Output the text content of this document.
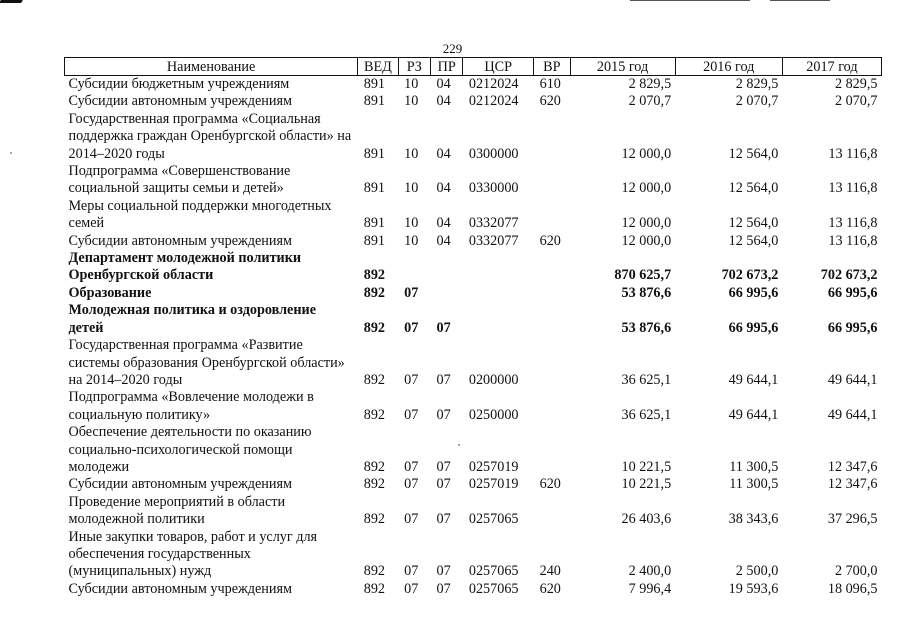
229
Наименование	ВЕД	РЗ	ПР	ЦСР	ВР	2015 год	2016 год	2017 год
Субсидии бюджетным учреждениям	891	10	04	0212024	610	2 829,5	2 829,5	2 829,5
Субсидии автономным учреждениям	891	10	04	0212024	620	2 070,7	2 070,7	2 070,7
Государственная программа «Социальная поддержка граждан Оренбургской области» на 2014–2020 годы	891	10	04	0300000		12 000,0	12 564,0	13 116,8
Подпрограмма «Совершенствование социальной защиты семьи и детей»	891	10	04	0330000		12 000,0	12 564,0	13 116,8
Меры социальной поддержки многодетных семей	891	10	04	0332077		12 000,0	12 564,0	13 116,8
Субсидии автономным учреждениям	891	10	04	0332077	620	12 000,0	12 564,0	13 116,8
Департамент молодежной политики Оренбургской области	892					870 625,7	702 673,2	702 673,2
Образование	892	07				53 876,6	66 995,6	66 995,6
Молодежная политика и оздоровление детей	892	07	07			53 876,6	66 995,6	66 995,6
Государственная программа «Развитие системы образования Оренбургской области» на 2014–2020 годы	892	07	07	0200000		36 625,1	49 644,1	49 644,1
Подпрограмма «Вовлечение молодежи в социальную политику»	892	07	07	0250000		36 625,1	49 644,1	49 644,1
Обеспечение деятельности по оказанию социально-психологической помощи молодежи	892	07	07	0257019		10 221,5	11 300,5	12 347,6
Субсидии автономным учреждениям	892	07	07	0257019	620	10 221,5	11 300,5	12 347,6
Проведение мероприятий в области молодежной политики	892	07	07	0257065		26 403,6	38 343,6	37 296,5
Иные закупки товаров, работ и услуг для обеспечения государственных (муниципальных) нужд	892	07	07	0257065	240	2 400,0	2 500,0	2 700,0
Субсидии автономным учреждениям	892	07	07	0257065	620	7 996,4	19 593,6	18 096,5
